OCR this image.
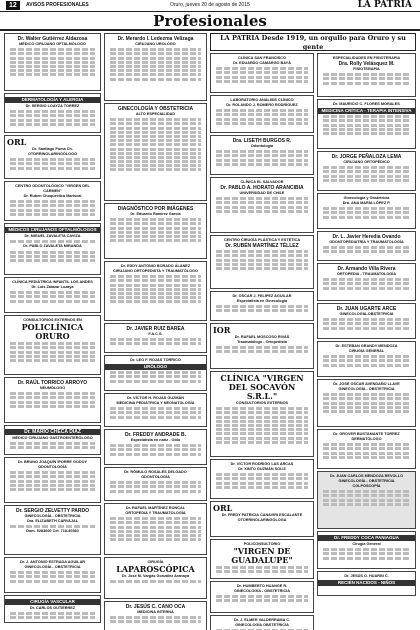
12	AVISOS PROFESIONALES	Oruro, jueves 20 de agosto de 2015	LA PATRIA
Profesionales
Dr. Walter Gutiérrez Aldazosa
MÉDICO CIRUJANO OFTALMÓLOGO
DERMATOLOGÍA Y ALERGIA
Dr. SERGIO LOAYZA TORREZ
ORL
Dr. Santiago Poma Ch.
OTORRINOLARINGÓLOGO
CENTRO ODONTOLÓGICO "VIRGEN DEL CARMEN"
Dr. Ruben Choquevilca Mariscal
MÉDICOS CIRUJANOS OFTALMÓLOGOS
Dr. MIGUEL ZAVALETA CAVIZA
Dr. PABLO ZAVALETA MIRANDA
CLÍNICA PEDIÁTRICA INFANTIL LOS ANDES
Dr. Luis Zalazar Lozaya
CONSULTORIOS EXTERNOS EN
POLICLÍNICA ORURO
Dr. RAÚL TORRICO ARROYO
NEUMÓLOGO
Dr. MARIO CHECA DÍAZ
MÉDICO CIRUJANO GASTROENTERÓLOGO
Dr. BRUNO JOAQUÍN IPORRE GODOY
ODONTOLOGÍA
Dr. SERGIO ZELVETTY PARDO
GINECOLOGÍA - OBSTETRICIA
Dra. ELIZABETH CARVAJAL
Dom. 5283600 Cel. 718-40360
Dr. J. ANTONIO ESTRADA AGUILAR
GINECOLOGÍA - OBSTETRICIA
CIRUGÍA VASCULAR
Dr. CARLOS GUTIÉRREZ
Dr. Merardo I. Ledezma Velizaga
CIRUJANO UROLÓGO
GINECOLOGÍA Y OBSTETRICIA
ALTO ESPECIALIDAD
DIAGNÓSTICO POR IMÁGENES
Dr. Eduardo Ramírez García
Dr. EDDY ANTONIO BORADO ÁLANEZ
CIRUJANO ORTOPEDISTA Y TRAUMATÓLOGO
Dr. JAVIER RUIZ BAREA
F.A.C.S.
Dr. LEO F. ROJAS TORRICO
URÓLOGO
Dr. VÍCTOR H. ROJAS GUZMÁN
MEDICINA PEDIÁTRICA Y NEONATOLOGÍA
Dr. FREDDY ANDRADE B.
Especialista en nariz - Oído
Dr. RÓMULO ROSALES DELGADO
ODONTOLOGÍA
Dr. RAFAEL MARTÍNEZ RONCAL
ORTOPEDIA Y TRAUMATOLOGÍA
CIRUGÍA
LAPAROSCÓPICA
Dr. José M. Vargas González Aranaya
Dr. JESÚS C. CANO OCA
MEDICINA INTERNA
LA PATRIA Desde 1919, un orgullo para Oruro y su gente
CLÍNICA SAN FRANCISCO
Dr. EDUARDO CAMARGO BAYÁ
LABORATORIO ANÁLISIS CLÍNICO
Dr. ROLANDO J. ROMERO RODRÍGUEZ
Dra. LISETH BURGOS R.
Odontología
CLÍNICA EL SALVADOR
Dr. PABLO A. HORATO ARANCIBIA
UNIVERSIDAD DE CHILE
CENTRO CIRUGÍA PLÁSTICA Y ESTÉTICA
Dr. RUBÉN MARTÍNEZ TÉLLEZ
Dr. OSCAR J. FELIPEZ AGUILAR
Especialista en Ginecología
IOR
Dr. RAFAEL MOSCOSO RIVAS
Traumatólogo - Ortopedista
CLÍNICA "VIRGEN DEL SOCAVÓN S.R.L."
CONSULTORIOS EXTERNOS
Dr. VÍCTOR RODRIGO LAS ARCAS
Dr. XINTO GUZMÁN SOLIZ
ORL
Dr. FREDY PATRICIA CANAVIRI ESCALANTE
OTORRINOLARINGÓLOGA
POLICONSULTORIO
"VIRGEN DE GUADALUPE"
Dr. HUMBERTO HUANGE R.
GINECOLOGÍA - OBSTETRICIA
Dr. J. ELMER VALDERRAMA C.
GINECOLOGÍA OBSTETRICIA
ESPECIALIDADES EN FISIOTERAPIA
Dra. Rolly Velásquez M.
FISIOTERAPIA
Dr. MAURICIO C. FLORES MORALES
MEDICINA CRÍTICA - TERAPIA INTENSIVA
Dr. JORGE PEÑALOZA LEMA
CIRUJANO ORTOPÉDICO
Ginecología y Obstetricia
Dra. ANA MARÍA LÓPEZ P.
Dr. L. Javier Heredia Ovando
ODONTOPEDIATRÍA Y TRAUMATOLOGÍA
Dr. Armando Villa Rivera
ORTOPEDIA - TRAUMATOLOGÍA
Dr. JUAN UGARTE ARCE
GINECOLOGÍA-OBSTETRICIA
Dr. ESTEBAN GRANDY MENDOZA
CIRUGÍA GENERAL
Dr. JOSÉ OSCAR AVENDAÑO LLAVE
GINECOLOGÍA - OBSTETRICIA
Dr. GROVER BUSTAMANTE TORREZ
DERMATÓLOGO
Dr. JUAN CARLOS MENDOZA REVOLLO
GINECOLOGÍA - OBSTETRICIA
COLPOSCOPÍA
Dr. FREDDY COCA PANIAGUA
Cirugía General
Dr. JESÚS O. HUARIN C.
RECIÉN NACIDOS - NIÑOS
